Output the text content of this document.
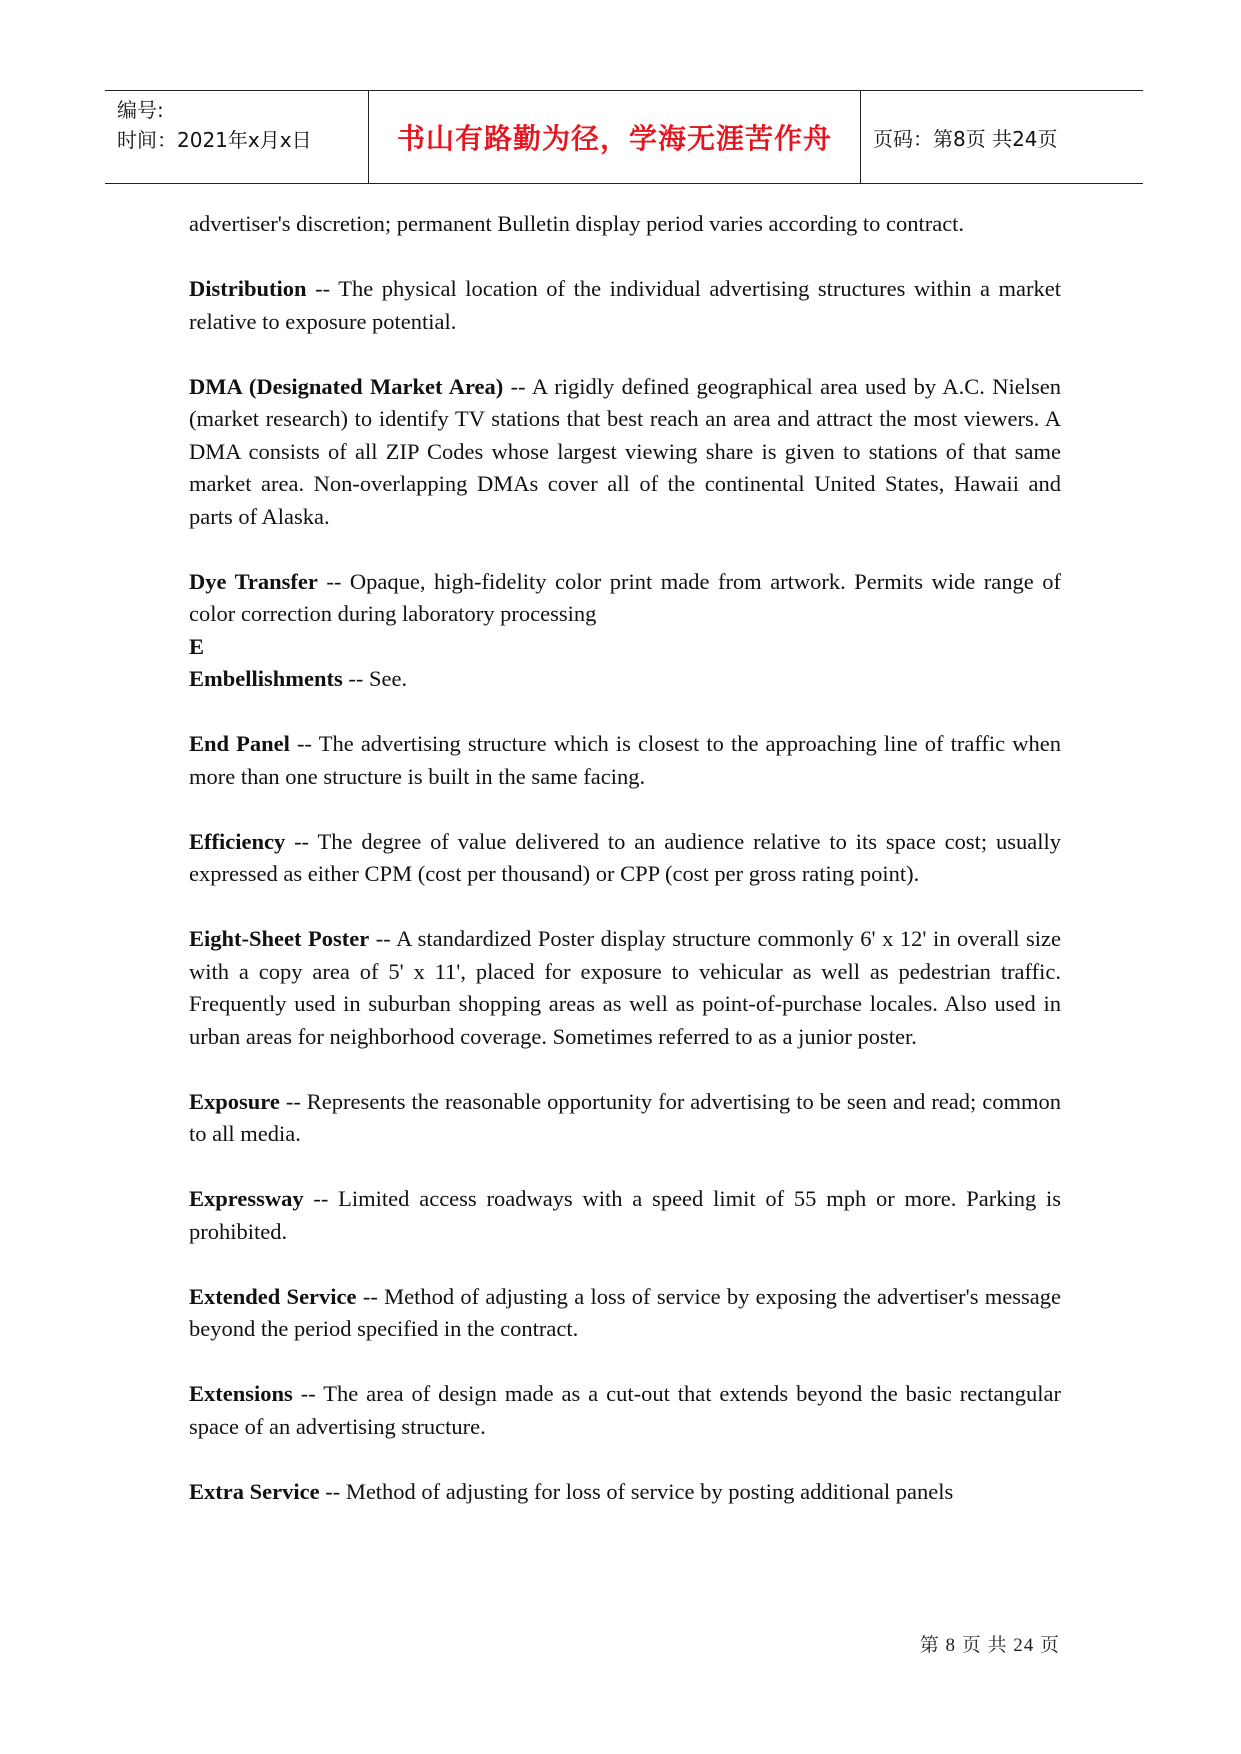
编号:
时间：2021年x月x日	书山有路勤为径，学海无涯苦作舟	页码：第8页 共24页

advertiser's discretion; permanent Bulletin display period varies according to contract.

Distribution -- The physical location of the individual advertising structures within a market relative to exposure potential.

DMA (Designated Market Area) -- A rigidly defined geographical area used by A.C. Nielsen (market research) to identify TV stations that best reach an area and attract the most viewers. A DMA consists of all ZIP Codes whose largest viewing share is given to stations of that same market area. Non-overlapping DMAs cover all of the continental United States, Hawaii and parts of Alaska.

Dye Transfer -- Opaque, high-fidelity color print made from artwork. Permits wide range of color correction during laboratory processing

E

Embellishments -- See.

End Panel -- The advertising structure which is closest to the approaching line of traffic when more than one structure is built in the same facing.

Efficiency -- The degree of value delivered to an audience relative to its space cost; usually expressed as either CPM (cost per thousand) or CPP (cost per gross rating point).

Eight-Sheet Poster -- A standardized Poster display structure commonly 6' x 12' in overall size with a copy area of 5' x 11', placed for exposure to vehicular as well as pedestrian traffic. Frequently used in suburban shopping areas as well as point-of-purchase locales. Also used in urban areas for neighborhood coverage. Sometimes referred to as a junior poster.

Exposure -- Represents the reasonable opportunity for advertising to be seen and read; common to all media.

Expressway -- Limited access roadways with a speed limit of 55 mph or more. Parking is prohibited.

Extended Service -- Method of adjusting a loss of service by exposing the advertiser's message beyond the period specified in the contract.

Extensions -- The area of design made as a cut-out that extends beyond the basic rectangular space of an advertising structure.

Extra Service -- Method of adjusting for loss of service by posting additional panels

第 8 页 共 24 页
